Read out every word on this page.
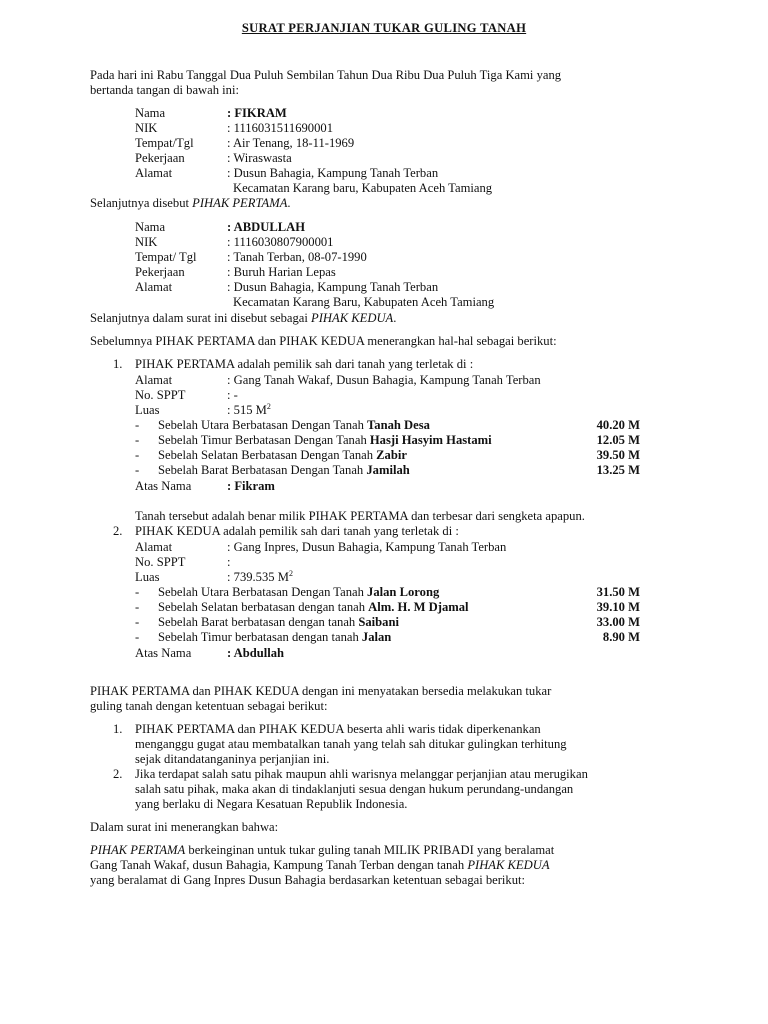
SURAT PERJANJIAN TUKAR GULING TANAH
Pada hari ini Rabu Tanggal Dua Puluh Sembilan Tahun Dua Ribu Dua Puluh Tiga Kami yang
bertanda tangan di bawah ini:
Nama	: FIKRAM
NIK	: 1116031511690001
Tempat/Tgl	: Air Tenang, 18-11-1969
Pekerjaan	: Wiraswasta
Alamat	: Dusun Bahagia, Kampung Tanah Terban
Kecamatan Karang baru, Kabupaten Aceh Tamiang
Selanjutnya disebut PIHAK PERTAMA.
Nama	: ABDULLAH
NIK	: 1116030807900001
Tempat/ Tgl : Tanah Terban, 08-07-1990
Pekerjaan	: Buruh Harian Lepas
Alamat	: Dusun Bahagia, Kampung Tanah Terban
Kecamatan Karang Baru, Kabupaten Aceh Tamiang
Selanjutnya dalam surat ini disebut sebagai PIHAK KEDUA.
Sebelumnya PIHAK PERTAMA dan PIHAK KEDUA menerangkan hal-hal sebagai berikut:
1. PIHAK PERTAMA adalah pemilik sah dari tanah yang terletak di :
Alamat	: Gang Tanah Wakaf, Dusun Bahagia, Kampung Tanah Terban
No. SPPT	: -
Luas	: 515 $M^2$
- Sebelah Utara Berbatasan Dengan Tanah Tanah Desa	40.20 M
- Sebelah Timur Berbatasan Dengan Tanah Hasji Hasyim Hastami	12.05 M
- Sebelah Selatan Berbatasan Dengan Tanah Zabir	39.50 M
- Sebelah Barat Berbatasan Dengan Tanah Jamilah	13.25 M
Atas Nama	: Fikram
Tanah tersebut adalah benar milik PIHAK PERTAMA dan terbesar dari sengketa apapun.
2. PIHAK KEDUA adalah pemilik sah dari tanah yang terletak di :
Alamat	: Gang Inpres, Dusun Bahagia, Kampung Tanah Terban
No. SPPT	:
Luas	: 739.535 $M^2$
- Sebelah Utara Berbatasan Dengan Tanah Jalan Lorong	31.50 M
- Sebelah Selatan berbatasan dengan tanah Alm. H. M Djamal	39.10 M
- Sebelah Barat berbatasan dengan tanah Saibani	33.00 M
- Sebelah Timur berbatasan dengan tanah Jalan	8.90 M
Atas Nama	: Abdullah
PIHAK PERTAMA dan PIHAK KEDUA dengan ini menyatakan bersedia melakukan tukar
guling tanah dengan ketentuan sebagai berikut:
1. PIHAK PERTAMA dan PIHAK KEDUA beserta ahli waris tidak diperkenankan
menganggu gugat atau membatalkan tanah yang telah sah ditukar gulingkan terhitung
sejak ditandatanganinya perjanjian ini.
2. Jika terdapat salah satu pihak maupun ahli warisnya melanggar perjanjian atau merugikan
salah satu pihak, maka akan di tindaklanjuti sesua dengan hukum perundang-undangan
yang berlaku di Negara Kesatuan Republik Indonesia.
Dalam surat ini menerangkan bahwa:
PIHAK PERTAMA berkeinginan untuk tukar guling tanah MILIK PRIBADI yang beralamat
Gang Tanah Wakaf, dusun Bahagia, Kampung Tanah Terban dengan tanah PIHAK KEDUA
yang beralamat di Gang Inpres Dusun Bahagia berdasarkan ketentuan sebagai berikut:
